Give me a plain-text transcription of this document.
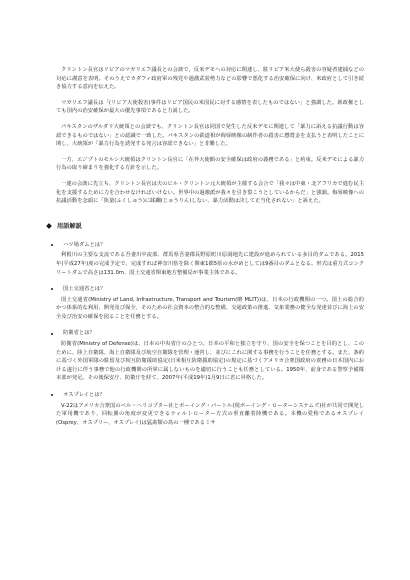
クリントン長官はリビアのマガリエフ議長との会談で、反米デモへの対応に関連し、駐リビア米大使ら殺害の容疑者逮捕などの対応に謝意を表明。そのうえでカダフィ政府軍の残党や過激武装勢力などの影響で悪化する治安確保に向け、米政府として引き続き協力する意向を伝えた。

マガリエフ議長は「(リビア大使殺害)事件はリビア国民の米国民に対する感情を表したものではない」と強調した。新政権としても国内の治安確保が最大の優先事項であると力説した。

パキスタンのザルダリ大統領との会談でも、クリントン長官は同国で発生した反米デモに関連して「暴力に訴える抗議行動は容認できるものではない」との認識で一致した。パキスタンの鉄道相が侮辱映像の制作者の殺害に懸賞金を支払うと表明したことに関し、大統領が「暴力行為を誘発する発言は容認できない」と非難した。

一方、エジプトのモルシ大統領はクリントン長官に「在外大使館の安全確保は政府の義務である」と約束。反米デモによる暴力行為の取り締まりを強化する方針を示した。

一連の会談に先立ち、クリントン長官は夫のビル・クリントン元大統領が主催する会合で「我々は中東・北アフリカで進む民主化を支援するために力を合わせなければいけない。世界中の過激派が我々を引き裂こうとしているからだ」と強調。侮辱映像への抗議活動を念頭に「狭量(ふくしゅう)に蹂躙(じゅうりん)しない、暴力活動は決して正当化されない」と訴えた。

用語解説
ハツ場ダムとは？

利根川の主要な支流である吾妻川中流部、群馬県吾妻郡長野原町川原湯地先に建設が進められている多目的ダムである。2015年(平成27年)度の完成予定で、完成すれば神奈川県を除く関東1都5県の水がめとしては9番目のダムとなる。形式は重力式コンクリートダムで高さは131.0m、国土交通省関東地方整備局が事業主体である。

国土交通省とは？

国土交通省(Ministry of Land, Infrastructure, Transport and Tourism(略 MLIT))は、日本の行政機関の一つ。国土の総合的かつ体系的な利用、開発及び保全、そのための社会資本の整合的な整備、交通政策の推進、気象業務の健全な発達並びに海上の安全及び治安の確保を図ることを任務とする。

防衛省とは？

防衛省(Ministry of Defense)は、日本の中央省庁のひとつ。日本の平和と独立を守り、国の安全を保つことを目的とし、このために、陸上自衛隊、海上自衛隊及び航空自衛隊を管理・運営し、並びにこれに関する事務を行うことを任務とする。また、条約に基づく外国軍隊の駐留及び相互防衛援助協定(日米相互防衛援助協定)の規定に基づくアメリカ合衆国政府の責務の日本国内における遂行に伴う事務で他の行政機関の所掌に属しないものを適切に行うことも任務としている。1950年、前身である警察予備隊本部が発足。その後保安庁、防衛庁を経て、2007年(平成19年)1月9日に省に昇格した。

オスプレイとは？

V-22はアメリカ合衆国のベル・ヘリコプター社とボーイング・バートル(現ボーイング・ローターシステムズ)社が共同で開発した軍用機であり、回転翼の角度が変更できるティルトローター方式の垂直離着陸機である。本機の愛称であるオスプレイ(Osprey、オスプリー、オスプレイ)は猛禽類の鳥の一種であるミサ
